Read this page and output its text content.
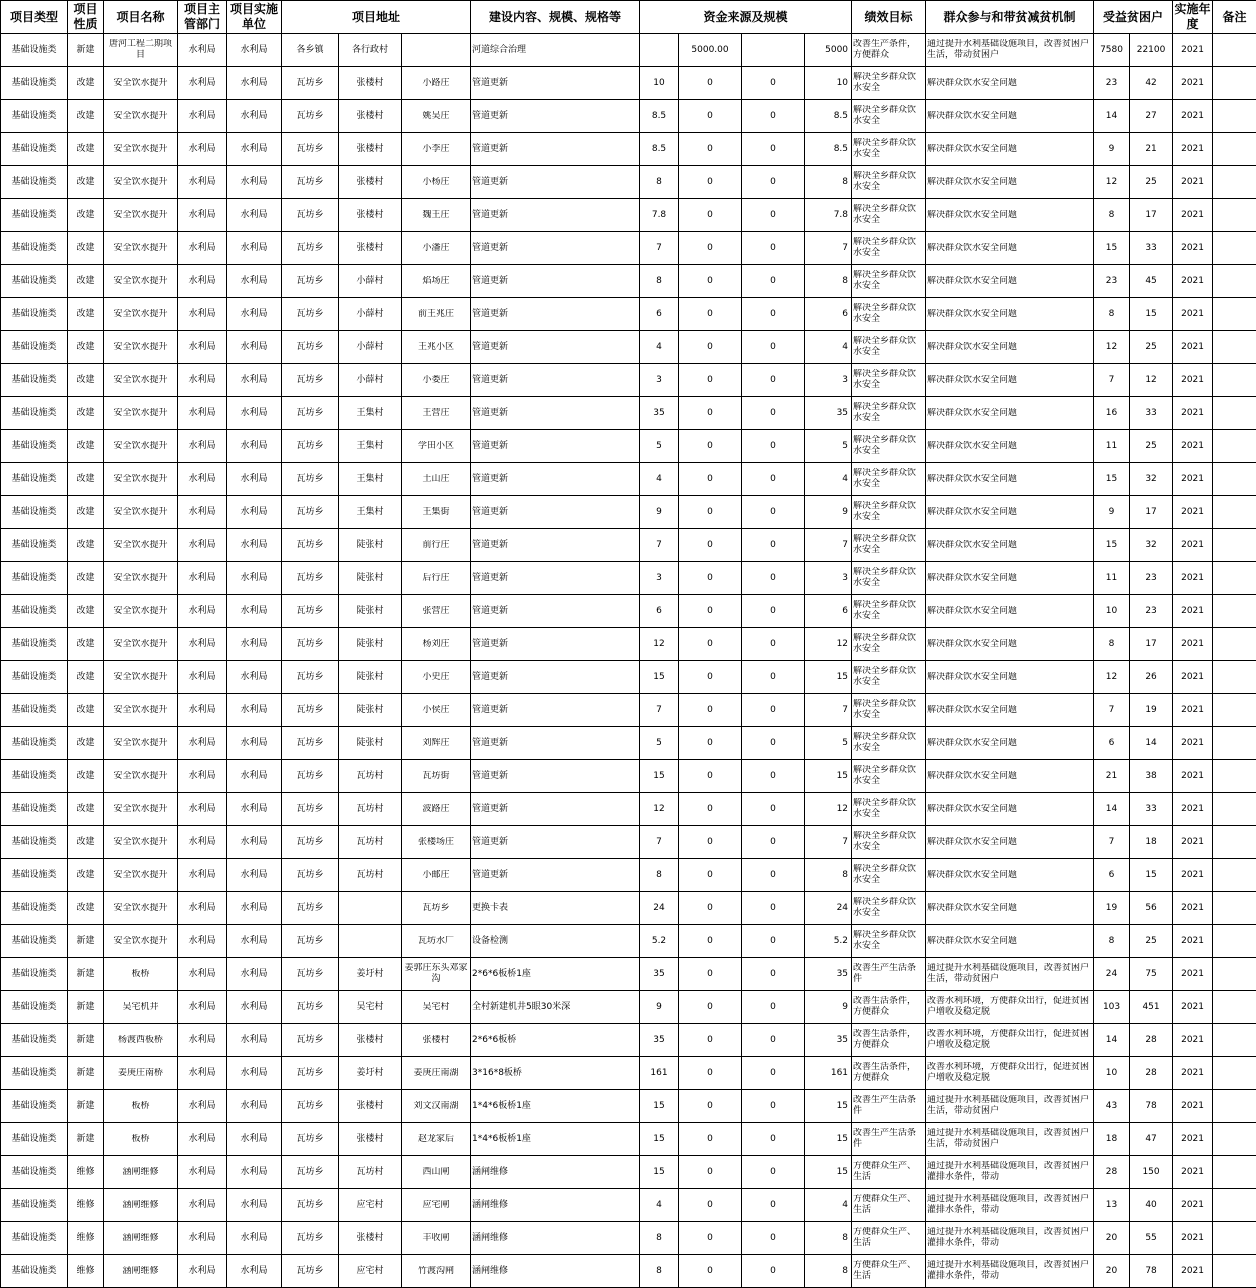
项目类型	项目性质	项目名称	项目主管部门	项目实施单位	项目地址			建设内容、规模、规格等	资金来源及规模				绩效目标	群众参与和带贫减贫机制	受益贫困户		实施年度	备注
基础设施类	新建	唐河工程二期项目	水利局	水利局	各乡镇	各行政村		河道综合治理		5000.00		5000	改善生产条件，方便群众	通过提升水利基础设施项目，改善贫困户生活，带动贫困户	7580	22100	2021	
基础设施类	改建	安全饮水提升	水利局	水利局	瓦坊乡	张楼村	小路庄	管道更新	10	0	0	10	解决全乡群众饮水安全	解决群众饮水安全问题	23	42	2021	
基础设施类	改建	安全饮水提升	水利局	水利局	瓦坊乡	张楼村	姚吴庄	管道更新	8.5	0	0	8.5	解决全乡群众饮水安全	解决群众饮水安全问题	14	27	2021	
基础设施类	改建	安全饮水提升	水利局	水利局	瓦坊乡	张楼村	小李庄	管道更新	8.5	0	0	8.5	解决全乡群众饮水安全	解决群众饮水安全问题	9	21	2021	
基础设施类	改建	安全饮水提升	水利局	水利局	瓦坊乡	张楼村	小杨庄	管道更新	8	0	0	8	解决全乡群众饮水安全	解决群众饮水安全问题	12	25	2021	
基础设施类	改建	安全饮水提升	水利局	水利局	瓦坊乡	张楼村	魏王庄	管道更新	7.8	0	0	7.8	解决全乡群众饮水安全	解决群众饮水安全问题	8	17	2021	
基础设施类	改建	安全饮水提升	水利局	水利局	瓦坊乡	张楼村	小潘庄	管道更新	7	0	0	7	解决全乡群众饮水安全	解决群众饮水安全问题	15	33	2021	
基础设施类	改建	安全饮水提升	水利局	水利局	瓦坊乡	小薛村	焰场庄	管道更新	8	0	0	8	解决全乡群众饮水安全	解决群众饮水安全问题	23	45	2021	
基础设施类	改建	安全饮水提升	水利局	水利局	瓦坊乡	小薛村	前王兆庄	管道更新	6	0	0	6	解决全乡群众饮水安全	解决群众饮水安全问题	8	15	2021	
基础设施类	改建	安全饮水提升	水利局	水利局	瓦坊乡	小薛村	王兆小区	管道更新	4	0	0	4	解决全乡群众饮水安全	解决群众饮水安全问题	12	25	2021	
基础设施类	改建	安全饮水提升	水利局	水利局	瓦坊乡	小薛村	小娄庄	管道更新	3	0	0	3	解决全乡群众饮水安全	解决群众饮水安全问题	7	12	2021	
基础设施类	改建	安全饮水提升	水利局	水利局	瓦坊乡	王集村	王营庄	管道更新	35	0	0	35	解决全乡群众饮水安全	解决群众饮水安全问题	16	33	2021	
基础设施类	改建	安全饮水提升	水利局	水利局	瓦坊乡	王集村	学田小区	管道更新	5	0	0	5	解决全乡群众饮水安全	解决群众饮水安全问题	11	25	2021	
基础设施类	改建	安全饮水提升	水利局	水利局	瓦坊乡	王集村	土山庄	管道更新	4	0	0	4	解决全乡群众饮水安全	解决群众饮水安全问题	15	32	2021	
基础设施类	改建	安全饮水提升	水利局	水利局	瓦坊乡	王集村	王集街	管道更新	9	0	0	9	解决全乡群众饮水安全	解决群众饮水安全问题	9	17	2021	
基础设施类	改建	安全饮水提升	水利局	水利局	瓦坊乡	陡张村	前行庄	管道更新	7	0	0	7	解决全乡群众饮水安全	解决群众饮水安全问题	15	32	2021	
基础设施类	改建	安全饮水提升	水利局	水利局	瓦坊乡	陡张村	后行庄	管道更新	3	0	0	3	解决全乡群众饮水安全	解决群众饮水安全问题	11	23	2021	
基础设施类	改建	安全饮水提升	水利局	水利局	瓦坊乡	陡张村	张营庄	管道更新	6	0	0	6	解决全乡群众饮水安全	解决群众饮水安全问题	10	23	2021	
基础设施类	改建	安全饮水提升	水利局	水利局	瓦坊乡	陡张村	杨刘庄	管道更新	12	0	0	12	解决全乡群众饮水安全	解决群众饮水安全问题	8	17	2021	
基础设施类	改建	安全饮水提升	水利局	水利局	瓦坊乡	陡张村	小史庄	管道更新	15	0	0	15	解决全乡群众饮水安全	解决群众饮水安全问题	12	26	2021	
基础设施类	改建	安全饮水提升	水利局	水利局	瓦坊乡	陡张村	小侯庄	管道更新	7	0	0	7	解决全乡群众饮水安全	解决群众饮水安全问题	7	19	2021	
基础设施类	改建	安全饮水提升	水利局	水利局	瓦坊乡	陡张村	刘辉庄	管道更新	5	0	0	5	解决全乡群众饮水安全	解决群众饮水安全问题	6	14	2021	
基础设施类	改建	安全饮水提升	水利局	水利局	瓦坊乡	瓦坊村	瓦坊街	管道更新	15	0	0	15	解决全乡群众饮水安全	解决群众饮水安全问题	21	38	2021	
基础设施类	改建	安全饮水提升	水利局	水利局	瓦坊乡	瓦坊村	波路庄	管道更新	12	0	0	12	解决全乡群众饮水安全	解决群众饮水安全问题	14	33	2021	
基础设施类	改建	安全饮水提升	水利局	水利局	瓦坊乡	瓦坊村	张楼场庄	管道更新	7	0	0	7	解决全乡群众饮水安全	解决群众饮水安全问题	7	18	2021	
基础设施类	改建	安全饮水提升	水利局	水利局	瓦坊乡	瓦坊村	小邮庄	管道更新	8	0	0	8	解决全乡群众饮水安全	解决群众饮水安全问题	6	15	2021	
基础设施类	改建	安全饮水提升	水利局	水利局	瓦坊乡		瓦坊乡	更换卡表	24	0	0	24	解决全乡群众饮水安全	解决群众饮水安全问题	19	56	2021	
基础设施类	新建	安全饮水提升	水利局	水利局	瓦坊乡		瓦坊水厂	设备检测	5.2	0	0	5.2	解决全乡群众饮水安全	解决群众饮水安全问题	8	25	2021	
基础设施类	新建	板桥	水利局	水利局	瓦坊乡	姜圩村	姜郭庄东头邓家沟	2*6*6板桥1座	35	0	0	35	改善生产生活条件	通过提升水利基础设施项目，改善贫困户生活，带动贫困户	24	75	2021	
基础设施类	新建	吴宅机井	水利局	水利局	瓦坊乡	吴宅村	吴宅村	全村新建机井5眼30米深	9	0	0	9	改善生活条件，方便群众	改善水利环境，方便群众出行，促进贫困户增收及稳定脱	103	451	2021	
基础设施类	新建	杨渡西板桥	水利局	水利局	瓦坊乡	张楼村	张楼村	2*6*6板桥	35	0	0	35	改善生活条件，方便群众	改善水利环境，方便群众出行，促进贫困户增收及稳定脱	14	28	2021	
基础设施类	新建	姜庚庄南桥	水利局	水利局	瓦坊乡	姜圩村	姜庚庄南湖	3*16*8板桥	161	0	0	161	改善生活条件，方便群众	改善水利环境，方便群众出行，促进贫困户增收及稳定脱	10	28	2021	
基础设施类	新建	板桥	水利局	水利局	瓦坊乡	张楼村	刘文汉南湖	1*4*6板桥1座	15	0	0	15	改善生产生活条件	通过提升水利基础设施项目，改善贫困户生活，带动贫困户	43	78	2021	
基础设施类	新建	板桥	水利局	水利局	瓦坊乡	张楼村	赵龙家后	1*4*6板桥1座	15	0	0	15	改善生产生活条件	通过提升水利基础设施项目，改善贫困户生活，带动贫困户	18	47	2021	
基础设施类	维修	涵闸维修	水利局	水利局	瓦坊乡	瓦坊村	西山闸	涵闸维修	15	0	0	15	方便群众生产、生活	通过提升水利基础设施项目，改善贫困户灌排水条件，带动	28	150	2021	
基础设施类	维修	涵闸维修	水利局	水利局	瓦坊乡	应宅村	应宅闸	涵闸维修	4	0	0	4	方便群众生产、生活	通过提升水利基础设施项目，改善贫困户灌排水条件，带动	13	40	2021	
基础设施类	维修	涵闸维修	水利局	水利局	瓦坊乡	张楼村	丰收闸	涵闸维修	8	0	0	8	方便群众生产、生活	通过提升水利基础设施项目，改善贫困户灌排水条件，带动	20	55	2021	
基础设施类	维修	涵闸维修	水利局	水利局	瓦坊乡	应宅村	竹渡沟闸	涵闸维修	8	0	0	8	方便群众生产、生活	通过提升水利基础设施项目，改善贫困户灌排水条件，带动	20	78	2021	
